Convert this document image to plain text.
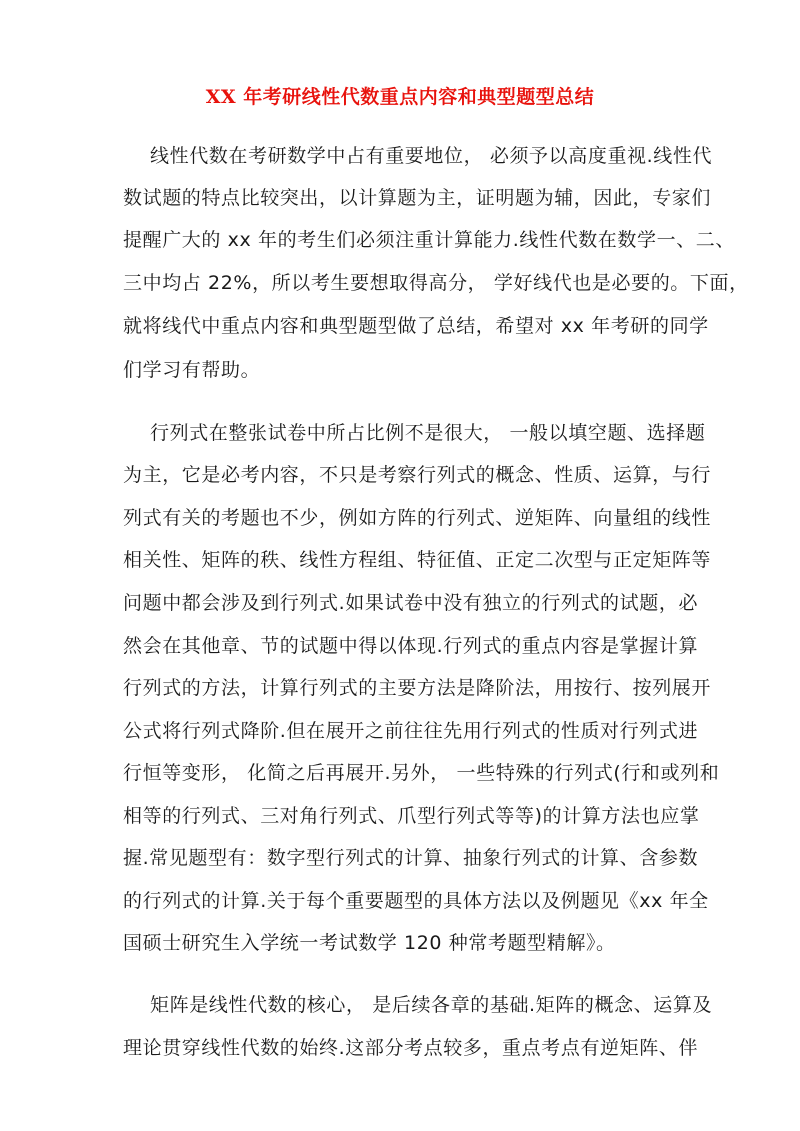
XX 年考研线性代数重点内容和典型题型总结
线性代数在考研数学中占有重要地位， 必须予以高度重视.线性代
数试题的特点比较突出，以计算题为主，证明题为辅，因此，专家们
提醒广大的 xx 年的考生们必须注重计算能力.线性代数在数学一、二、
三中均占 22%，所以考生要想取得高分， 学好线代也是必要的。下面，
就将线代中重点内容和典型题型做了总结，希望对 xx 年考研的同学
们学习有帮助。
行列式在整张试卷中所占比例不是很大， 一般以填空题、选择题
为主，它是必考内容，不只是考察行列式的概念、性质、运算，与行
列式有关的考题也不少，例如方阵的行列式、逆矩阵、向量组的线性
相关性、矩阵的秩、线性方程组、特征值、正定二次型与正定矩阵等
问题中都会涉及到行列式.如果试卷中没有独立的行列式的试题，必
然会在其他章、节的试题中得以体现.行列式的重点内容是掌握计算
行列式的方法，计算行列式的主要方法是降阶法，用按行、按列展开
公式将行列式降阶.但在展开之前往往先用行列式的性质对行列式进
行恒等变形， 化简之后再展开.另外， 一些特殊的行列式(行和或列和
相等的行列式、三对角行列式、爪型行列式等等)的计算方法也应掌
握.常见题型有：数字型行列式的计算、抽象行列式的计算、含参数
的行列式的计算.关于每个重要题型的具体方法以及例题见《xx 年全
国硕士研究生入学统一考试数学 120 种常考题型精解》。
矩阵是线性代数的核心， 是后续各章的基础.矩阵的概念、运算及
理论贯穿线性代数的始终.这部分考点较多，重点考点有逆矩阵、伴
